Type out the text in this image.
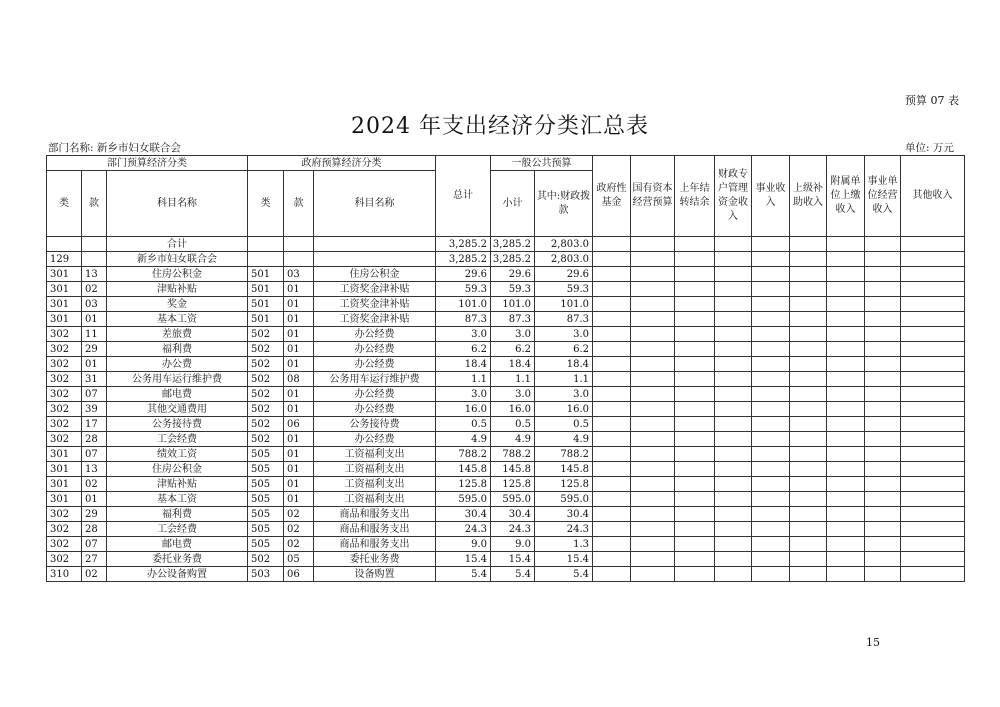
预算 07 表
2024 年支出经济分类汇总表
部门名称: 新乡市妇女联合会	单位: 万元
部门预算经济分类			政府预算经济分类			总计	一般公共预算		政府性基金	国有资本经营预算	上年结转结余	财政专户管理资金收入	事业收入	上级补助收入	附属单位上缴收入	事业单位经营收入	其他收入
类	款	科目名称	类	款	科目名称		小计	其中:财政拨款									
		合计				3,285.2	3,285.2	2,803.0									
129		新乡市妇女联合会				3,285.2	3,285.2	2,803.0									
301	13	住房公积金	501	03	住房公积金	29.6	29.6	29.6									
301	02	津贴补贴	501	01	工资奖金津补贴	59.3	59.3	59.3									
301	03	奖金	501	01	工资奖金津补贴	101.0	101.0	101.0									
301	01	基本工资	501	01	工资奖金津补贴	87.3	87.3	87.3									
302	11	差旅费	502	01	办公经费	3.0	3.0	3.0									
302	29	福利费	502	01	办公经费	6.2	6.2	6.2									
302	01	办公费	502	01	办公经费	18.4	18.4	18.4									
302	31	公务用车运行维护费	502	08	公务用车运行维护费	1.1	1.1	1.1									
302	07	邮电费	502	01	办公经费	3.0	3.0	3.0									
302	39	其他交通费用	502	01	办公经费	16.0	16.0	16.0									
302	17	公务接待费	502	06	公务接待费	0.5	0.5	0.5									
302	28	工会经费	502	01	办公经费	4.9	4.9	4.9									
301	07	绩效工资	505	01	工资福利支出	788.2	788.2	788.2									
301	13	住房公积金	505	01	工资福利支出	145.8	145.8	145.8									
301	02	津贴补贴	505	01	工资福利支出	125.8	125.8	125.8									
301	01	基本工资	505	01	工资福利支出	595.0	595.0	595.0									
302	29	福利费	505	02	商品和服务支出	30.4	30.4	30.4									
302	28	工会经费	505	02	商品和服务支出	24.3	24.3	24.3									
302	07	邮电费	505	02	商品和服务支出	9.0	9.0	1.3									
302	27	委托业务费	502	05	委托业务费	15.4	15.4	15.4									
310	02	办公设备购置	503	06	设备购置	5.4	5.4	5.4									
15
